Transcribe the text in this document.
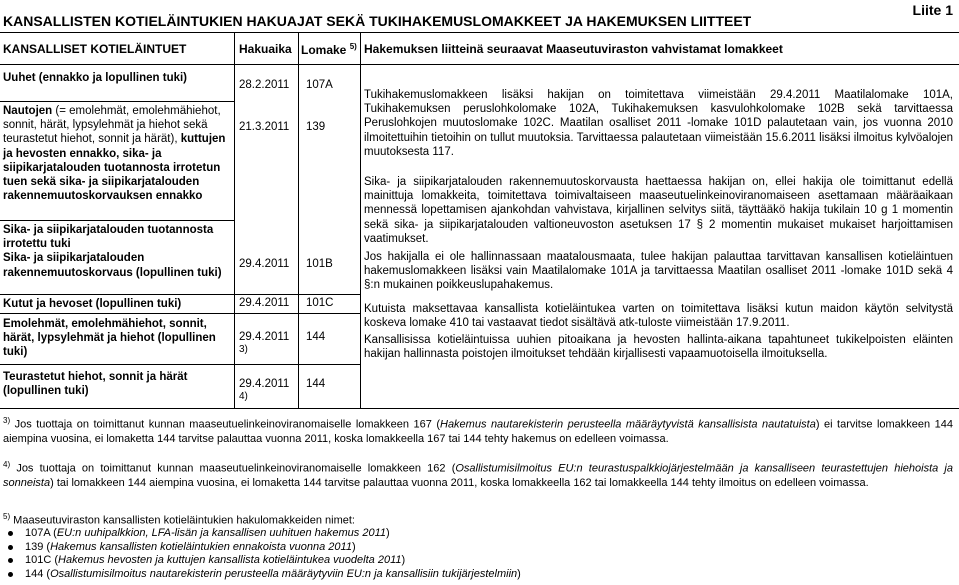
Liite 1
KANSALLISTEN KOTIELÄINTUKIEN HAKUAJAT SEKÄ TUKIHAKEMUSLOMAKKEET JA HAKEMUKSEN LIITTEET
KANSALLISET KOTIELÄINTUET	Hakuaika Lomake $^{5)}$ Hakemuksen liitteinä seuraavat Maaseutuviraston vahvistamat lomakkeet
Uuhet (ennakko ja lopullinen tuki)
28.2.2011 107A
Tukihakemuslomakkeen lisäksi hakijan on toimitettava viimeistään 29.4.2011 Maatilalomake 101A, Tukihakemuksen peruslohkolomake 102A, Tukihakemuksen kasvulohkolomake 102B sekä tarvittaessa Peruslohkojen muutoslomake 102C. Maatilan osalliset 2011 -lomake 101D palautetaan vain, jos vuonna 2010 ilmoitettuihin tietoihin on tullut muutoksia. Tarvittaessa palautetaan viimeistään 15.6.2011 lisäksi ilmoitus kylvöalojen muutoksesta 117.
Sika- ja siipikarjatalouden rakennemuutoskorvausta haettaessa hakijan on, ellei hakija ole toimittanut edellä mainittuja lomakkeita, toimitettava toimivaltaiseen maaseutuelinkeinoviranomaiseen asettamaan määräaikaan mennessä lopettamisen ajankohdan vahvistava, kirjallinen selvitys siitä, täyttääkö hakija tukilain 10 g 1 momentin sekä sika- ja siipikarjatalouden valtioneuvoston asetuksen 17 § 2 momentin mukaiset mukaiset harjoittamisen vaatimukset.
Jos hakijalla ei ole hallinnassaan maatalousmaata, tulee hakijan palauttaa tarvittavan kansallisen kotieläintuen hakemuslomakkeen lisäksi vain Maatilalomake 101A ja tarvittaessa Maatilan osalliset 2011 -lomake 101D sekä 4 §:n mukainen poikkeuslupahakemus.
Kutuista maksettavaa kansallista kotieläintukea varten on toimitettava lisäksi kutun maidon käytön selvitystä koskeva lomake 410 tai vastaavat tiedot sisältävä atk-tuloste viimeistään 17.9.2011.
Kansallisissa kotieläintuissa uuhien pitoaikana ja hevosten hallinta-aikana tapahtuneet tukikelpoisten eläinten hakijan hallinnasta poistojen ilmoitukset tehdään kirjallisesti vapaamuotoisella ilmoituksella.
Nautojen (= emolehmät, emolehmähiehot, sonnit, härät, lypsylehmät ja hiehot sekä teurastetut hiehot, sonnit ja härät), kuttujen ja hevosten ennakko, sika- ja siipikarjatalouden tuotannosta irrotetun tuen sekä sika- ja siipikarjatalouden rakennemuutoskorvauksen ennakko
21.3.2011 139
Sika- ja siipikarjatalouden tuotannosta irrotettu tuki
Sika- ja siipikarjatalouden rakennemuutoskorvaus (lopullinen tuki)
29.4.2011 101B
Kutut ja hevoset (lopullinen tuki)	29.4.2011 101C
Emolehmät, emolehmähiehot, sonnit, härät, lypsylehmät ja hiehot (lopullinen tuki)
29.4.2011 144
3)
Teurastetut hiehot, sonnit ja härät (lopullinen tuki)
29.4.2011 144
4)
$^{3)}$ Jos tuottaja on toimittanut kunnan maaseutuelinkeinoviranomaiselle lomakkeen 167 (Hakemus nautarekisterin perusteella määräytyvistä kansallisista nautatuista) ei tarvitse lomakkeen 144 aiempina vuosina, ei lomaketta 144 tarvitse palauttaa vuonna 2011, koska lomakkeella 167 tai 144 tehty hakemus on edelleen voimassa.
$^{4)}$ Jos tuottaja on toimittanut kunnan maaseutuelinkeinoviranomaiselle lomakkeen 162 (Osallistumisilmoitus EU:n teurastuspalkkiojärjestelmään ja kansalliseen teurastettujen hiehoista ja sonneista) tai lomakkeen 144 aiempina vuosina, ei lomaketta 144 tarvitse palauttaa vuonna 2011, koska lomakkeella 162 tai lomakkeella 144 tehty ilmoitus on edelleen voimassa.
$^{5)}$ Maaseutuviraston kansallisten kotieläintukien hakulomakkeiden nimet:
107A (EU:n uuhipalkkion, LFA-lisän ja kansallisen uuhituen hakemus 2011)
139 (Hakemus kansallisten kotieläintukien ennakoista vuonna 2011)
101C (Hakemus hevosten ja kuttujen kansallista kotieläintukea vuodelta 2011)
144 (Osallistumisilmoitus nautarekisterin perusteella määräytyviin EU:n ja kansallisiin tukijärjestelmiin)
